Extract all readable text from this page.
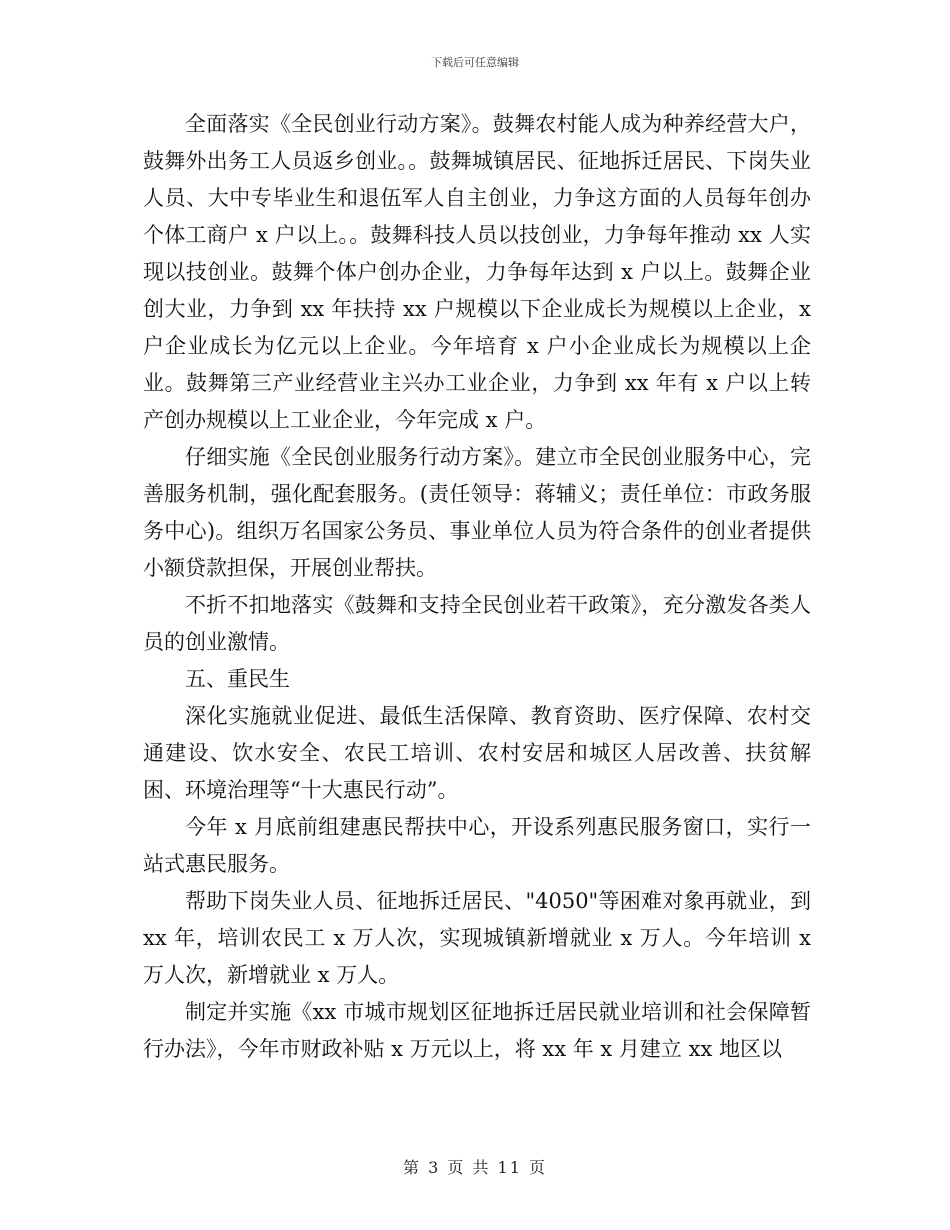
下载后可任意编辑

全面落实《全民创业行动方案》。鼓舞农村能人成为种养经营大户，鼓舞外出务工人员返乡创业。。鼓舞城镇居民、征地拆迁居民、下岗失业人员、大中专毕业生和退伍军人自主创业，力争这方面的人员每年创办个体工商户 x 户以上。。鼓舞科技人员以技创业，力争每年推动 xx 人实现以技创业。鼓舞个体户创办企业，力争每年达到 x 户以上。鼓舞企业创大业，力争到 xx 年扶持 xx 户规模以下企业成长为规模以上企业，x 户企业成长为亿元以上企业。今年培育 x 户小企业成长为规模以上企业。鼓舞第三产业经营业主兴办工业企业，力争到 xx 年有 x 户以上转产创办规模以上工业企业，今年完成 x 户。

仔细实施《全民创业服务行动方案》。建立市全民创业服务中心，完善服务机制，强化配套服务。(责任领导：蒋辅义；责任单位：市政务服务中心)。组织万名国家公务员、事业单位人员为符合条件的创业者提供小额贷款担保，开展创业帮扶。

不折不扣地落实《鼓舞和支持全民创业若干政策》，充分激发各类人员的创业激情。

五、重民生

深化实施就业促进、最低生活保障、教育资助、医疗保障、农村交通建设、饮水安全、农民工培训、农村安居和城区人居改善、扶贫解困、环境治理等“十大惠民行动”。

今年 x 月底前组建惠民帮扶中心，开设系列惠民服务窗口，实行一站式惠民服务。

帮助下岗失业人员、征地拆迁居民、"4050"等困难对象再就业，到 xx 年，培训农民工 x 万人次，实现城镇新增就业 x 万人。今年培训 x 万人次，新增就业 x 万人。

制定并实施《xx 市城市规划区征地拆迁居民就业培训和社会保障暂行办法》，今年市财政补贴 x 万元以上，将 xx 年 x 月建立 xx 地区以

第 3 页 共 11 页
